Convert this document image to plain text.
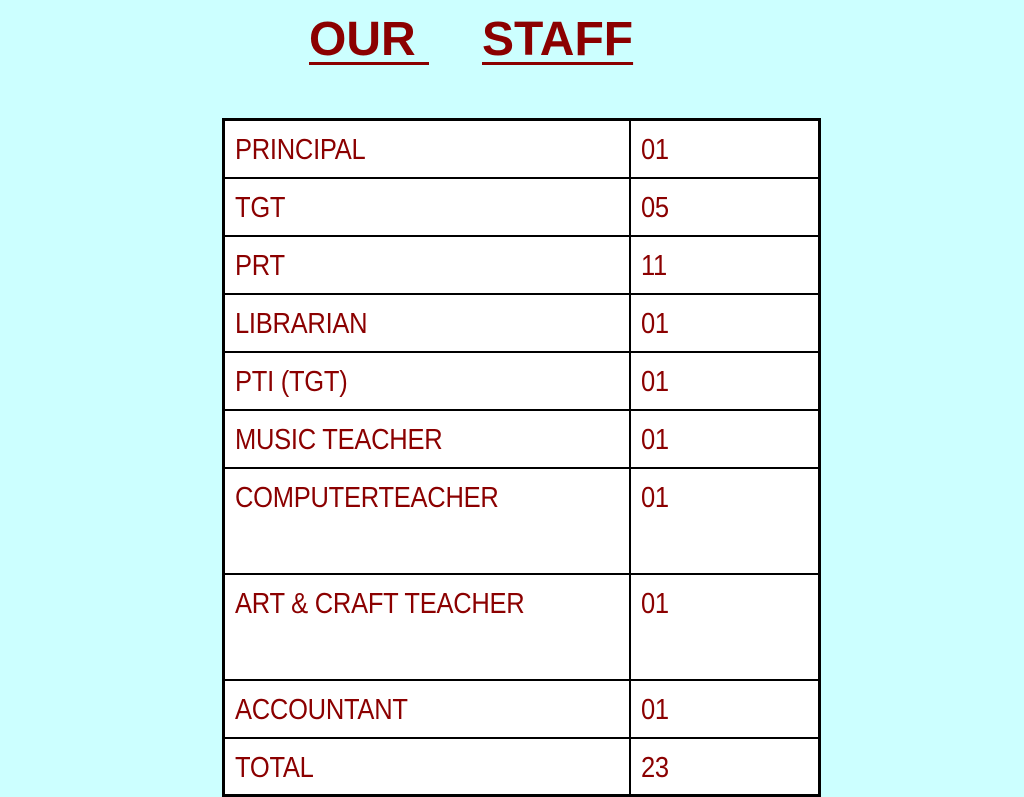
OUR STAFF
PRINCIPAL	01
TGT	05
PRT	11
LIBRARIAN	01
PTI (TGT)	01
MUSIC TEACHER	01
COMPUTERTEACHER	01
ART & CRAFT TEACHER	01
ACCOUNTANT	01
TOTAL	23
